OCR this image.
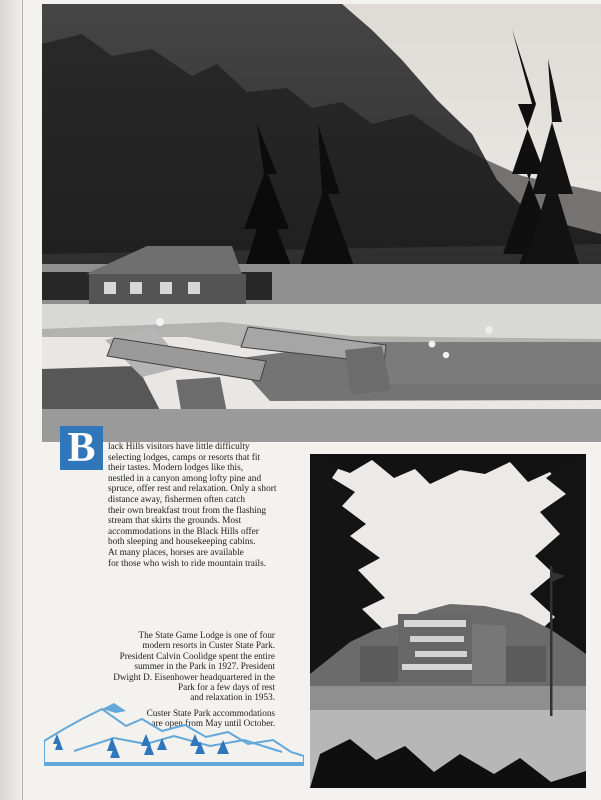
B	lack Hills visitors have little difficulty
selecting lodges, camps or resorts that fit
their tastes. Modern lodges like this,
nestled in a canyon among lofty pine and
spruce, offer rest and relaxation. Only a short
distance away, fishermen often catch
their own breakfast trout from the flashing
stream that skirts the grounds. Most
accommodations in the Black Hills offer
both sleeping and housekeeping cabins.
At many places, horses are available
for those who wish to ride mountain trails.
The State Game Lodge is one of four
modern resorts in Custer State Park.
President Calvin Coolidge spent the entire
summer in the Park in 1927. President
Dwight D. Eisenhower headquartered in the
Park for a few days of rest
and relaxation in 1953.
Custer State Park accommodations
are open from May until October.
